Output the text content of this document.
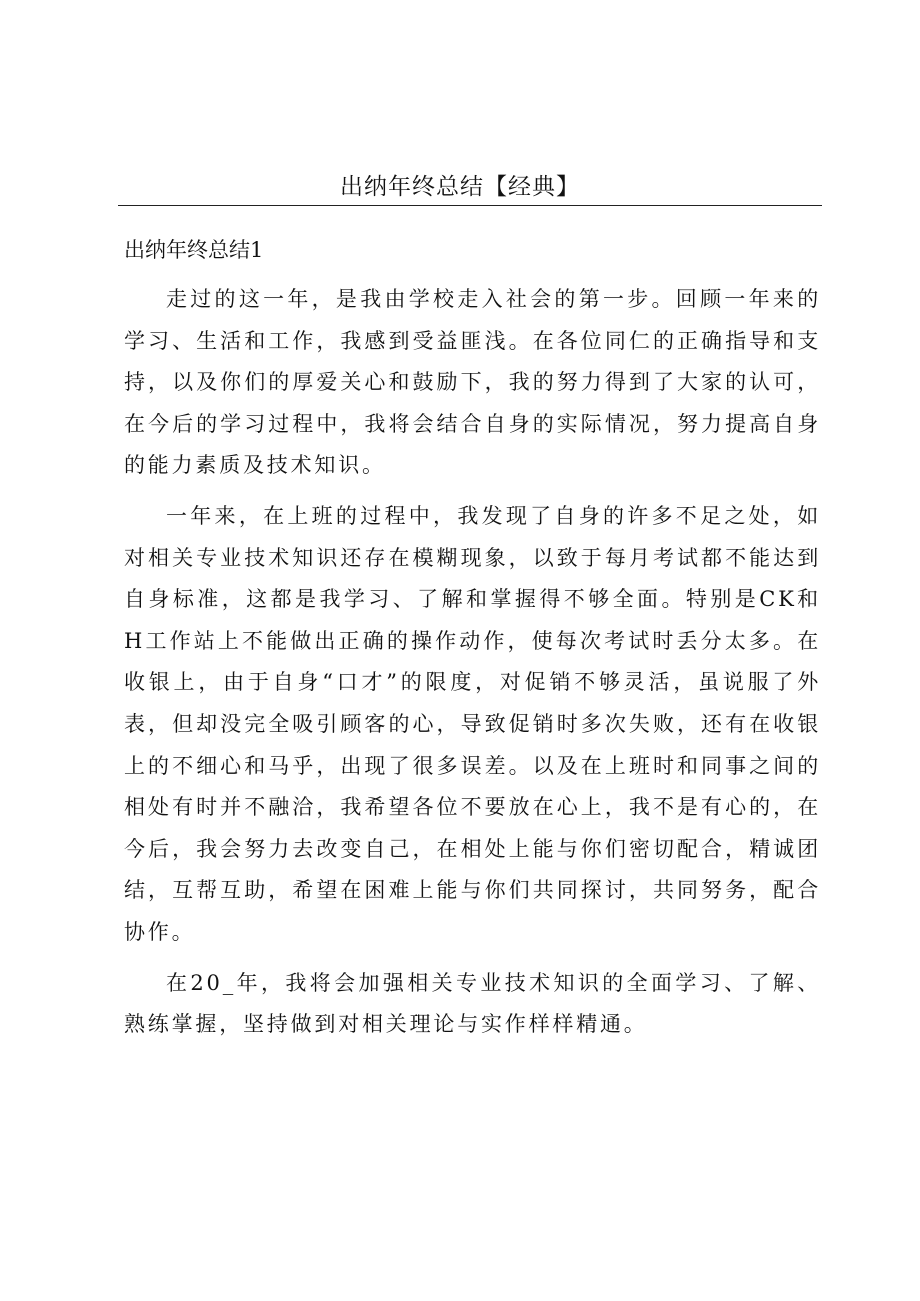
出纳年终总结【经典】
出纳年终总结1

走过的这一年，是我由学校走入社会的第一步。回顾一年来的学习、生活和工作，我感到受益匪浅。在各位同仁的正确指导和支持，以及你们的厚爱关心和鼓励下，我的努力得到了大家的认可，在今后的学习过程中，我将会结合自身的实际情况，努力提高自身的能力素质及技术知识。

一年来，在上班的过程中，我发现了自身的许多不足之处，如对相关专业技术知识还存在模糊现象，以致于每月考试都不能达到自身标准，这都是我学习、了解和掌握得不够全面。特别是CK和H工作站上不能做出正确的操作动作，使每次考试时丢分太多。在收银上，由于自身“口才”的限度，对促销不够灵活，虽说服了外表，但却没完全吸引顾客的心，导致促销时多次失败，还有在收银上的不细心和马乎，出现了很多误差。以及在上班时和同事之间的相处有时并不融洽，我希望各位不要放在心上，我不是有心的，在今后，我会努力去改变自己，在相处上能与你们密切配合，精诚团结，互帮互助，希望在困难上能与你们共同探讨，共同努务，配合协作。

在20_年，我将会加强相关专业技术知识的全面学习、了解、熟练掌握，坚持做到对相关理论与实作样样精通。
